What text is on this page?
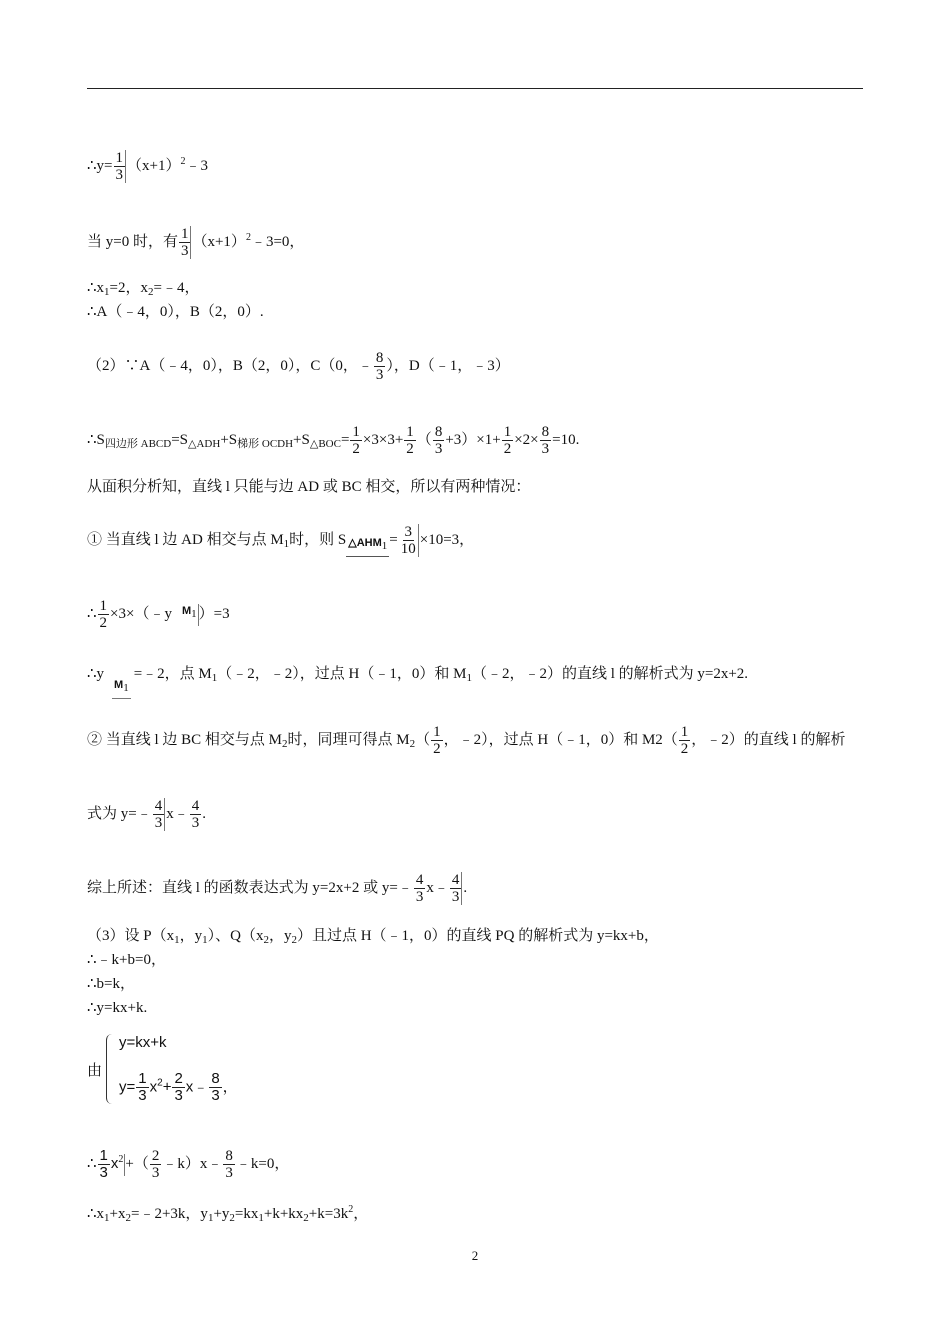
∴y= $\frac{1}{3}$ $(x+1)^2﹣3$
当 y=0 时，有 $\frac{1}{3}$ $(x+1)^2﹣3=0$，
$\therefore x_1=2$，$x_2=﹣4$，
∴A（﹣4，0），B（2，0）.
（2）∵A（﹣4，0），B（2，0），C（0，﹣ $\frac{8}{3}$ ），D（﹣1，﹣3）
$\therefore S_{四边形 ABCD}=S_{\triangle ADH}+S_{梯形 OCDH}+S_{\triangle BOC}= \frac{1}{2} \times 3\times 3+ \frac{1}{2}$ （ $\frac{8}{3} +3)\times 1+ \frac{1}{2} \times 2\times \frac{8}{3} =10$.
从面积分析知，直线 l 只能与边 AD 或 BC 相交，所以有两种情况：
① 当直线 l 边 AD 相交与点 $M_1$时，则 S $\triangle AHM_1 = \frac{3}{10} \times 10=3$，
∴ $\frac{1}{2}$ ×3×（﹣y $M_1$ ）=3
$\therefore yM_1=﹣2$，点 $M_1(﹣2$，﹣2），过点 H（﹣1，0）和 $M_1(﹣2$，﹣2）的直线 l 的解析式为 y=2x+2.
② 当直线 l 边 BC 相交与点 $M_2$时，同理可得点 $M_2( \frac{1}{2}$ ，﹣2），过点 H（﹣1，0）和 $M2( \frac{1}{2}$ ，﹣2）的直线 l 的解析
式为 y=﹣ $\frac{4}{3}$ x﹣ $\frac{4}{3}$ .
综上所述：直线 l 的函数表达式为 y=2x+2 或 y=﹣ $\frac{4}{3}$ x﹣ $\frac{4}{3}$ .
（3）设 $P(x_1$，$y_1$）、$Q(x_2$，$y_2$）且过点 H（﹣1，0）的直线 PQ 的解析式为 y=kx+b，
∴﹣k+b=0，
∴b=k，
∴y=kx+k.
由
y=kx+k
$y= \frac{1}{3} x^2+ \frac{2}{3}$ x﹣ $\frac{8}{3}$ ，
∴ $\frac{1}{3} x^2$ +（ $\frac{2}{3}$ ﹣k）x﹣ $\frac{8}{3}$ ﹣k=0，
$\therefore x_1+x_2=﹣2+3k$，$y_1+y_2=kx_1+k+kx_2+k=3k^2$，
2
